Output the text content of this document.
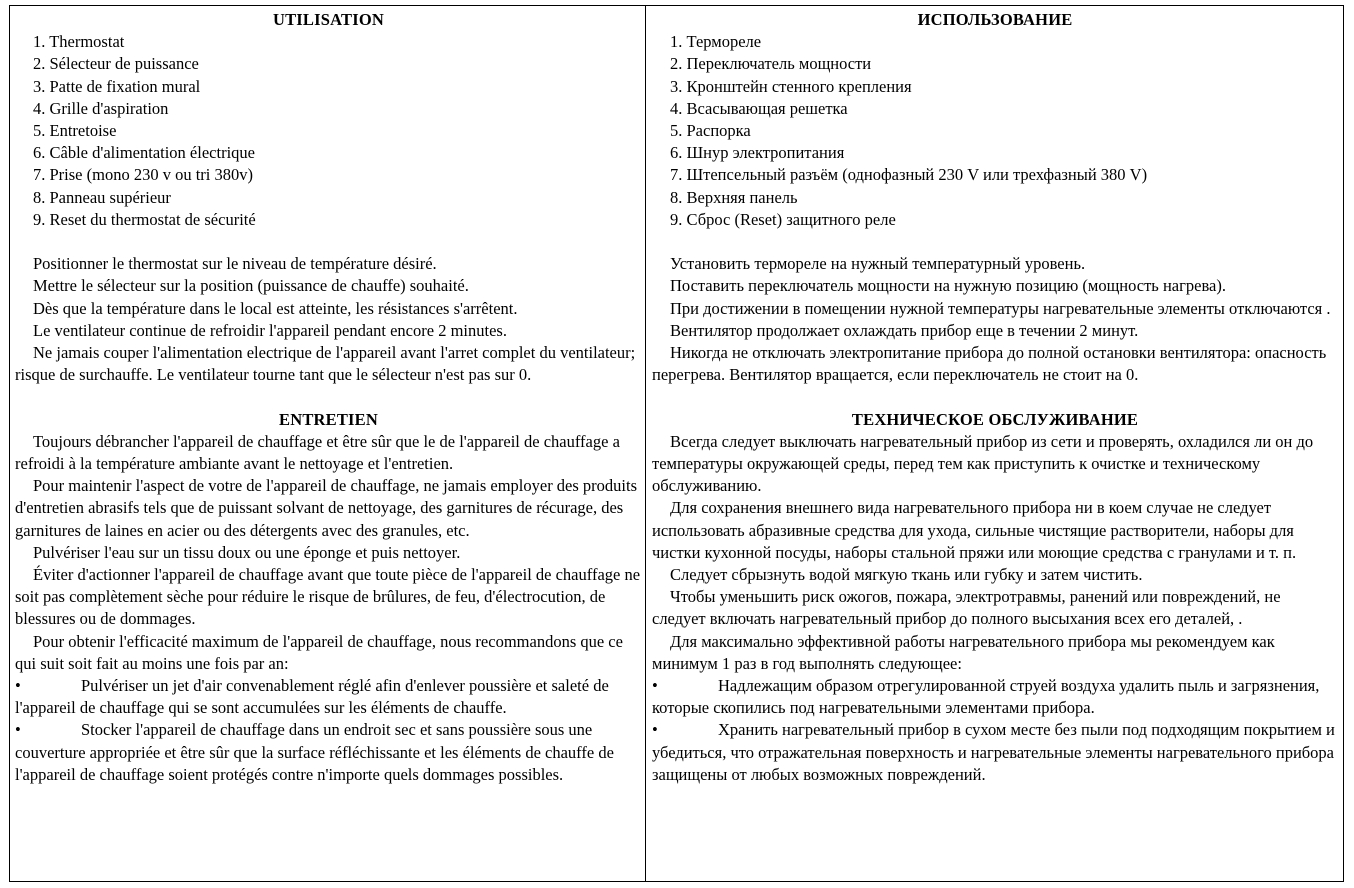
UTILISATION
1. Thermostat
2. Sélecteur de puissance
3. Patte de fixation mural
4. Grille d'aspiration
5. Entretoise
6. Câble d'alimentation électrique
7. Prise (mono 230 v ou tri 380v)
8. Panneau supérieur
9. Reset du thermostat de sécurité
Positionner le thermostat sur le niveau de température désiré.
Mettre le sélecteur sur la position (puissance de chauffe) souhaité.
Dès que la température dans le local est atteinte, les résistances s'arrêtent.
Le ventilateur continue de refroidir l'appareil pendant encore 2 minutes.
Ne jamais couper l'alimentation electrique de l'appareil avant l'arret complet du ventilateur; risque de surchauffe. Le ventilateur tourne tant que le sélecteur n'est pas sur 0.
ENTRETIEN
Toujours débrancher l'appareil de chauffage et être sûr que le de l'appareil de chauffage a refroidi à la température ambiante avant le nettoyage et l'entretien.
Pour maintenir l'aspect de votre de l'appareil de chauffage, ne jamais employer des produits d'entretien abrasifs tels que de puissant solvant de nettoyage, des garnitures de récurage, des garnitures de laines en acier ou des détergents avec des granules, etc.
Pulvériser l'eau sur un tissu doux ou une éponge et puis nettoyer.
Éviter d'actionner l'appareil de chauffage avant que toute pièce de l'appareil de chauffage ne soit pas complètement sèche pour réduire le risque de brûlures, de feu, d'électrocution, de blessures ou de dommages.
Pour obtenir l'efficacité maximum de l'appareil de chauffage, nous recommandons que ce qui suit soit fait au moins une fois par an:
•	Pulvériser un jet d'air convenablement réglé afin d'enlever poussière et saleté de l'appareil de chauffage qui se sont accumulées sur les éléments de chauffe.
•	Stocker l'appareil de chauffage dans un endroit sec et sans poussière sous une couverture appropriée et être sûr que la surface réfléchissante et les éléments de chauffe de l'appareil de chauffage soient protégés contre n'importe quels dommages possibles.
ИСПОЛЬЗОВАНИЕ
1. Термореле
2. Переключатель мощности
3. Кронштейн стенного крепления
4. Всасывающая решетка
5. Распорка
6. Шнур электропитания
7. Штепсельный разъём (однофазный 230 V или трехфазный 380 V)
8. Верхняя панель
9. Сброс (Reset) защитного реле
Установить термореле на нужный температурный уровень.
Поставить переключатель мощности на нужную позицию (мощность нагрева).
При достижении в помещении нужной температуры нагревательные элементы отключаются .
Вентилятор продолжает охлаждать прибор еще в течении 2 минут.
Никогда не отключать электропитание прибора до полной остановки вентилятора: опасность перегрева. Вентилятор вращается, если переключатель не стоит на 0.
ТЕХНИЧЕСКОЕ ОБСЛУЖИВАНИЕ
Всегда следует выключать нагревательный прибор из сети и проверять, охладился ли он до температуры окружающей среды, перед тем как приступить к очистке и техническому обслуживанию.
Для сохранения внешнего вида нагревательного прибора ни в коем случае не следует использовать абразивные средства для ухода, сильные чистящие растворители, наборы для чистки кухонной посуды, наборы стальной пряжи или моющие средства с гранулами и т. п.
Следует сбрызнуть водой мягкую ткань или губку и затем чистить.
Чтобы уменьшить риск ожогов, пожара, электротравмы, ранений или повреждений, не следует включать нагревательный прибор до полного высыхания всех его деталей, .
Для максимально эффективной работы нагревательного прибора мы рекомендуем как минимум 1 раз в год выполнять следующее:
•	Надлежащим образом отрегулированной струей воздуха удалить пыль и загрязнения, которые скопились под нагревательными элементами прибора.
•	Хранить нагревательный прибор в сухом месте без пыли под подходящим покрытием и убедиться, что отражательная поверхность и нагревательные элементы нагревательного прибора защищены от любых возможных повреждений.
